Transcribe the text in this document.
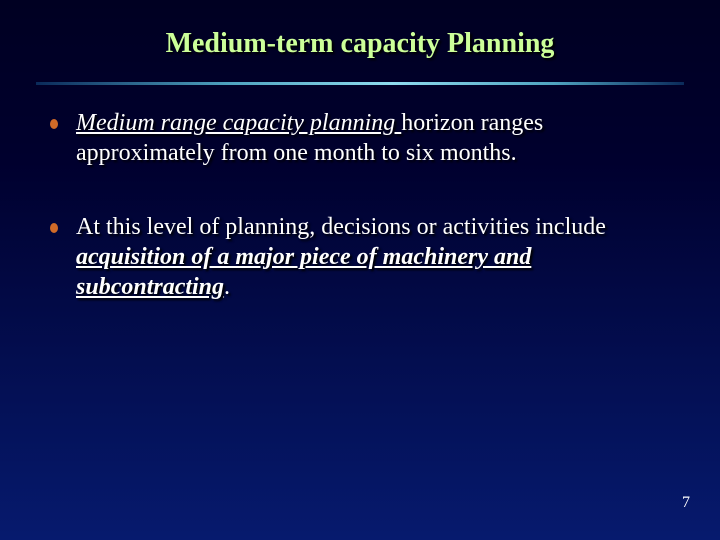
Medium-term capacity Planning
Medium range capacity planning horizon ranges approximately from one month to six months.
At this level of planning, decisions or activities include acquisition of a major piece of machinery and subcontracting.
7
